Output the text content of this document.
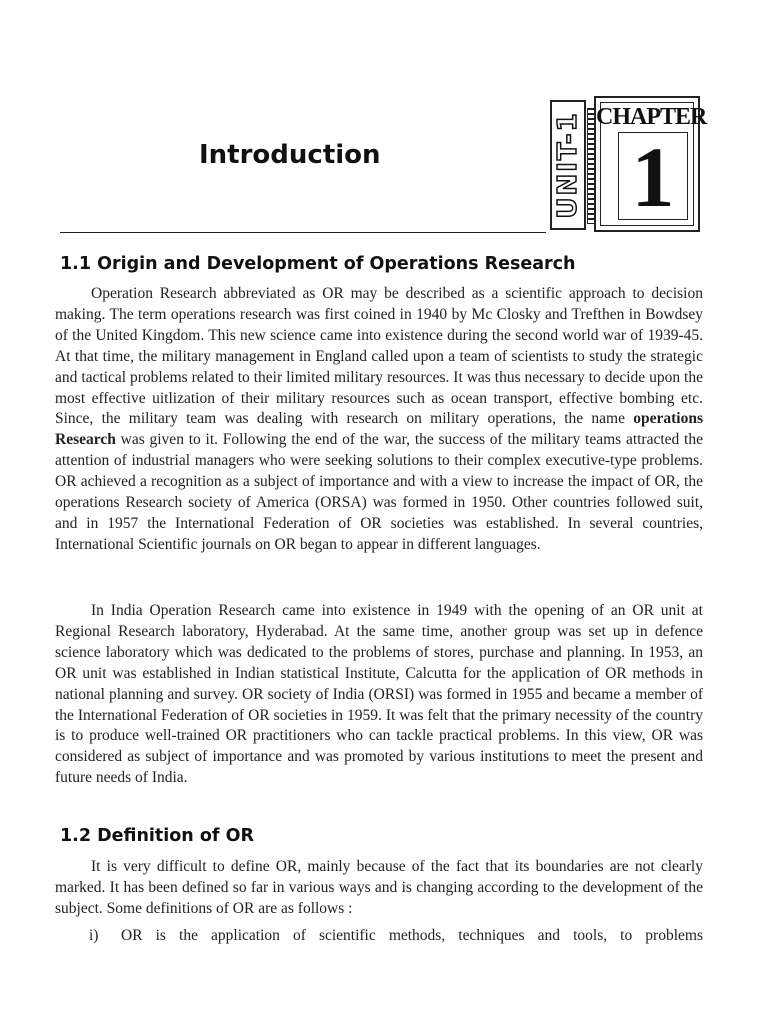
Introduction	UNIT-1 CHAPTER
1
1.1 Origin and Development of Operations Research

Operation Research abbreviated as OR may be described as a scientific approach to decision making. The term operations research was first coined in 1940 by Mc Closky and Trefthen in Bowdsey of the United Kingdom. This new science came into existence during the second world war of 1939-45. At that time, the military management in England called upon a team of scientists to study the strategic and tactical problems related to their limited military resources. It was thus necessary to decide upon the most effective uitlization of their military resources such as ocean transport, effective bombing etc. Since, the military team was dealing with research on military operations, the name operations Research was given to it. Following the end of the war, the success of the military teams attracted the attention of industrial managers who were seeking solutions to their complex executive-type problems. OR achieved a recognition as a subject of importance and with a view to increase the impact of OR, the operations Research society of America (ORSA) was formed in 1950. Other countries followed suit, and in 1957 the International Federation of OR societies was established. In several countries, International Scientific journals on OR began to appear in different languages.

In India Operation Research came into existence in 1949 with the opening of an OR unit at Regional Research laboratory, Hyderabad. At the same time, another group was set up in defence science laboratory which was dedicated to the problems of stores, purchase and planning. In 1953, an OR unit was established in Indian statistical Institute, Calcutta for the application of OR methods in national planning and survey. OR society of India (ORSI) was formed in 1955 and became a member of the International Federation of OR societies in 1959. It was felt that the primary necessity of the country is to produce well-trained OR practitioners who can tackle practical problems. In this view, OR was considered as subject of importance and was promoted by various institutions to meet the present and future needs of India.

1.2 Definition of OR

It is very difficult to define OR, mainly because of the fact that its boundaries are not clearly marked. It has been defined so far in various ways and is changing according to the development of the subject. Some definitions of OR are as follows :

i)	OR is the application of scientific methods, techniques and tools, to problems
